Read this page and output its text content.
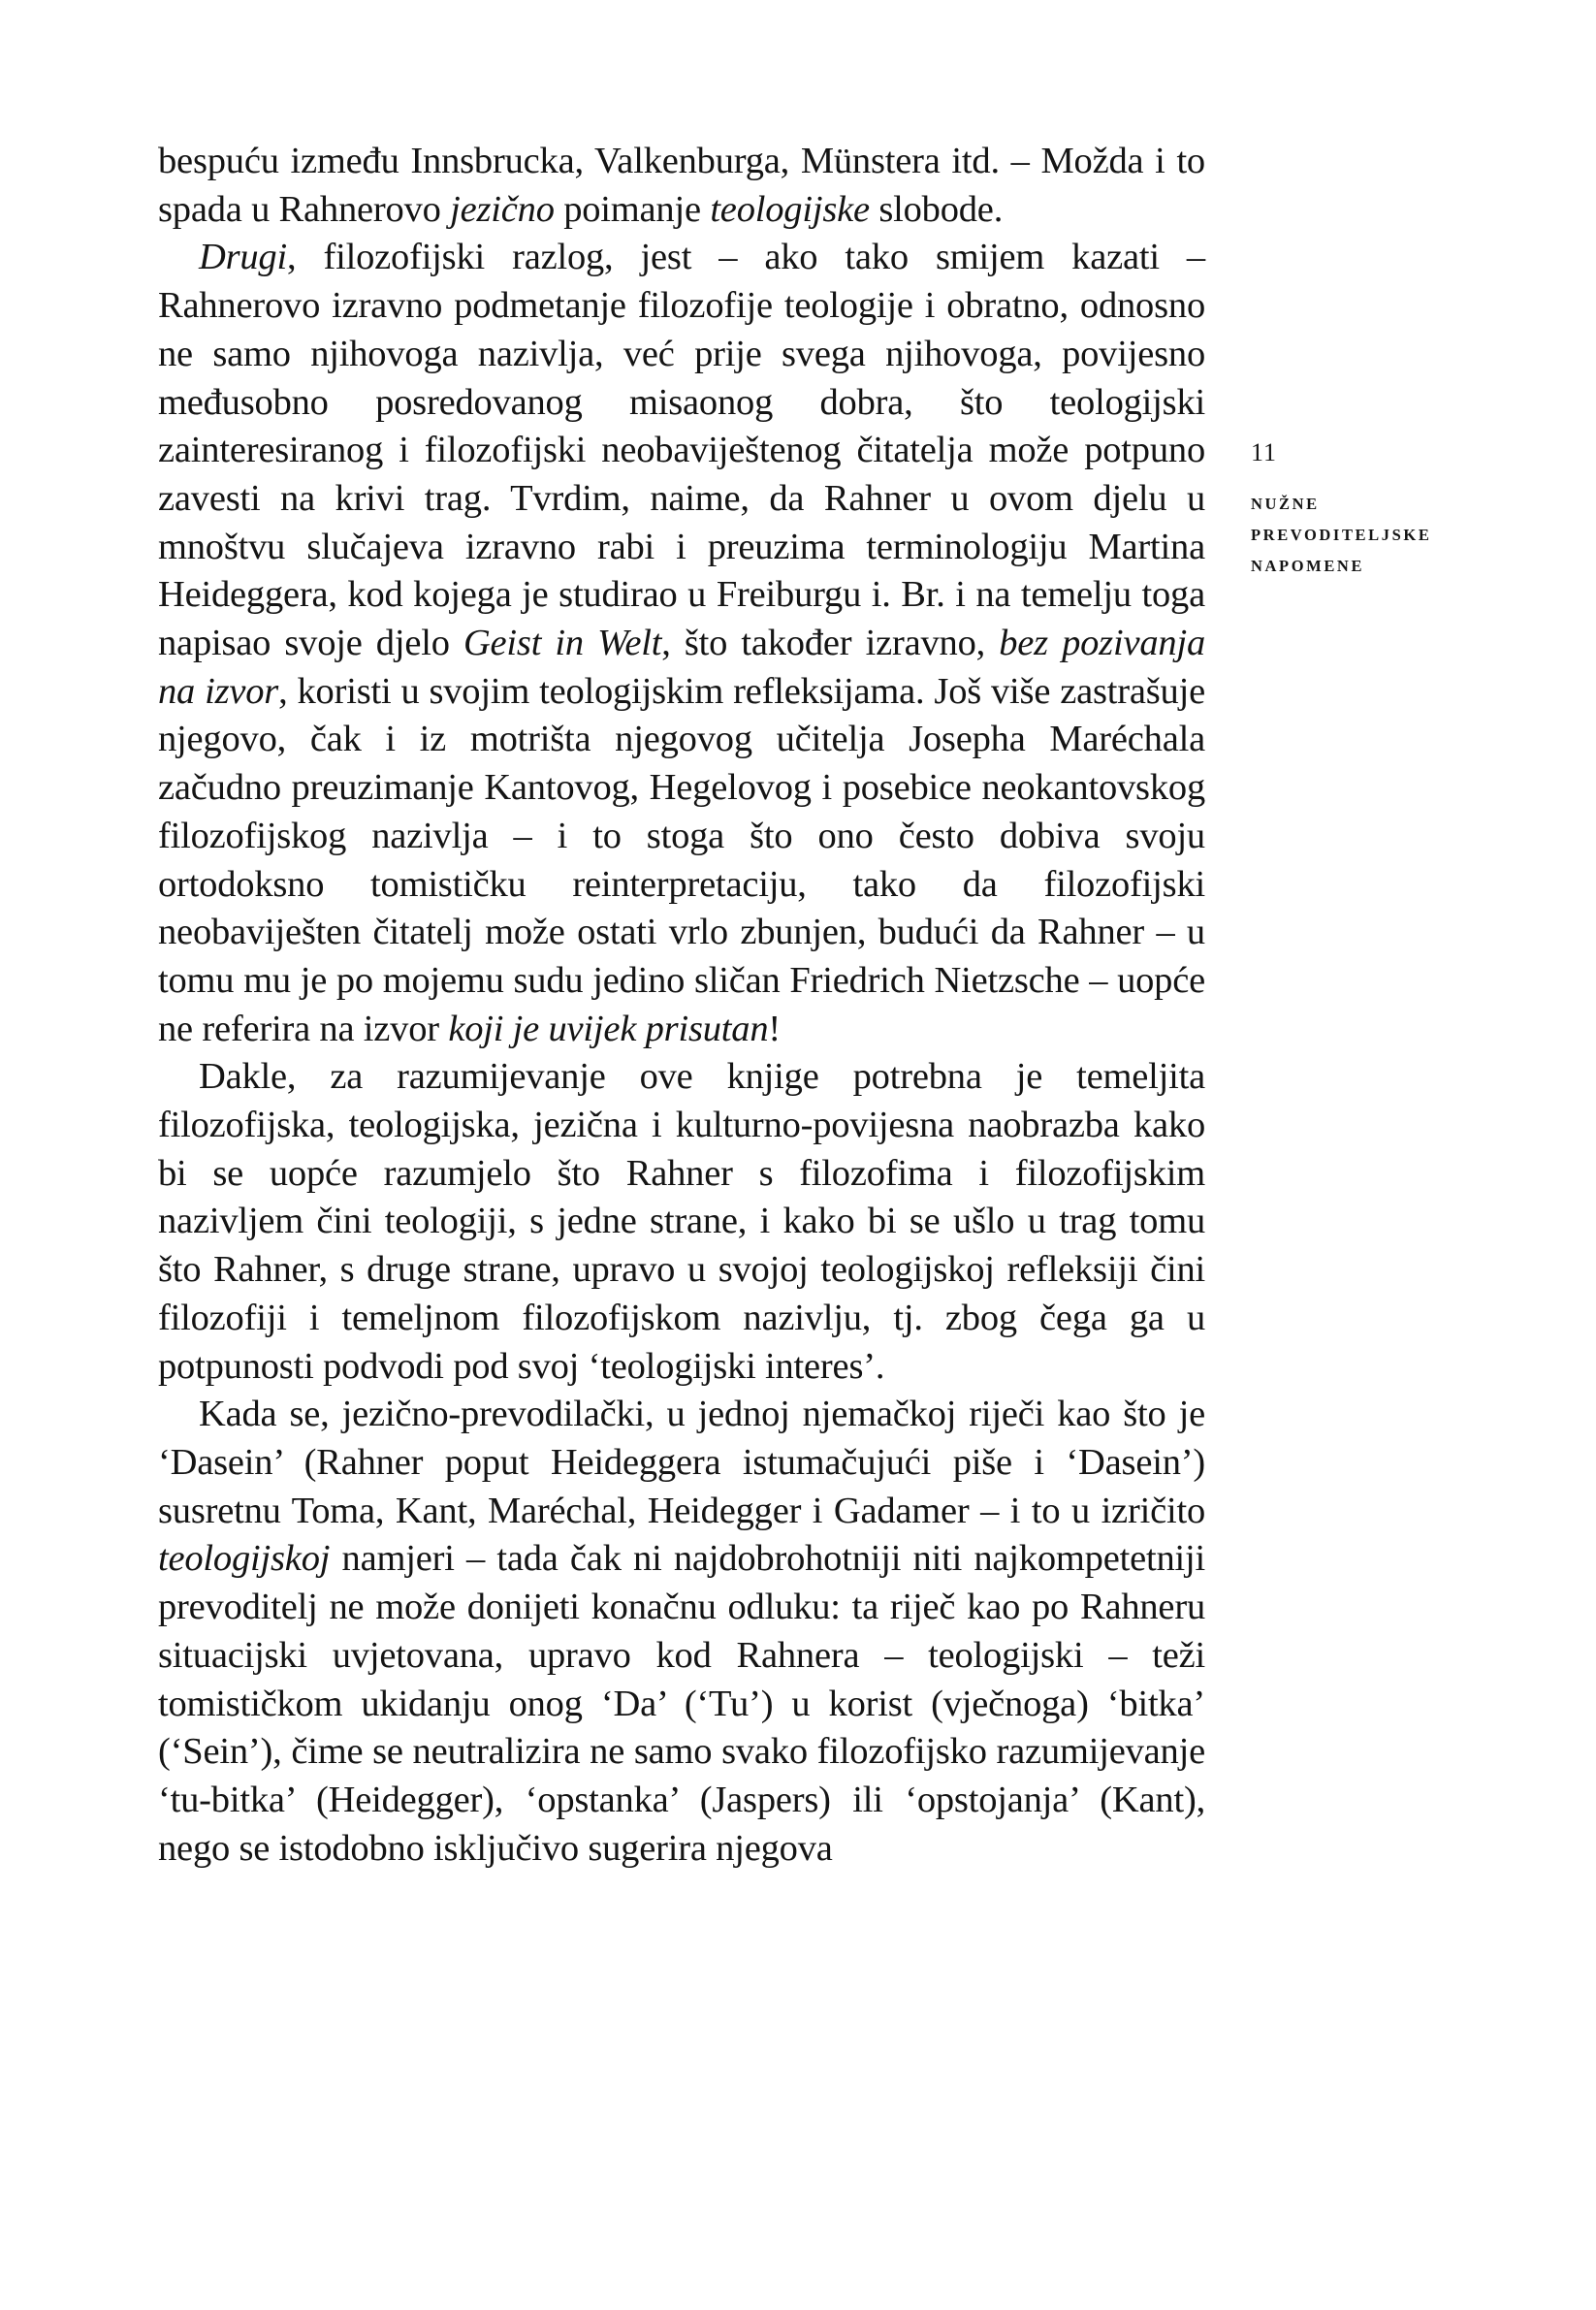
bespuću između Innsbrucka, Valkenburga, Münstera itd. – Možda i to spada u Rahnerovo jezično poimanje teologijske slobode.

Drugi, filozofijski razlog, jest – ako tako smijem kazati – Rahnerovo izravno podmetanje filozofije teologije i obratno, odnosno ne samo njihovoga nazivlja, već prije svega njihovoga, povijesno međusobno posredovanog misaonog dobra, što teologijski zainteresiranog i filozofijski neobaviještenog čitatelja može potpuno zavesti na krivi trag. Tvrdim, naime, da Rahner u ovom djelu u mnoštvu slučajeva izravno rabi i preuzima terminologiju Martina Heideggera, kod kojega je studirao u Freiburgu i. Br. i na temelju toga napisao svoje djelo Geist in Welt, što također izravno, bez pozivanja na izvor, koristi u svojim teologijskim refleksijama. Još više zastrašuje njegovo, čak i iz motrišta njegovog učitelja Josepha Maréchala začudno preuzimanje Kantovog, Hegelovog i posebice neokantovskog filozofijskog nazivlja – i to stoga što ono često dobiva svoju ortodoksno tomističku reinterpretaciju, tako da filozofijski neobaviješten čitatelj može ostati vrlo zbunjen, budući da Rahner – u tomu mu je po mojemu sudu jedino sličan Friedrich Nietzsche – uopće ne referira na izvor koji je uvijek prisutan!

Dakle, za razumijevanje ove knjige potrebna je temeljita filozofijska, teologijska, jezična i kulturno-povijesna naobrazba kako bi se uopće razumjelo što Rahner s filozofima i filozofijskim nazivljem čini teologiji, s jedne strane, i kako bi se ušlo u trag tomu što Rahner, s druge strane, upravo u svojoj teologijskoj refleksiji čini filozofiji i temeljnom filozofijskom nazivlju, tj. zbog čega ga u potpunosti podvodi pod svoj ‘teologijski interes’.

Kada se, jezično-prevodilački, u jednoj njemačkoj riječi kao što je ‘Dasein’ (Rahner poput Heideggera istumačujući piše i ‘Dasein’) susretnu Toma, Kant, Maréchal, Heidegger i Gadamer – i to u izričito teologijskoj namjeri – tada čak ni najdobrohotniji niti najkompetetniji prevoditelj ne može donijeti konačnu odluku: ta riječ kao po Rahneru situacijski uvjetovana, upravo kod Rahnera – teologijski – teži tomističkom ukidanju onog ‘Da’ (‘Tu’) u korist (vječnoga) ‘bitka’ (‘Sein’), čime se neutralizira ne samo svako filozofijsko razumijevanje ‘tu-bitka’ (Heidegger), ‘opstanka’ (Jaspers) ili ‘opstojanja’ (Kant), nego se istodobno isključivo sugerira njegova

11
NUŽNE
PREVODITELJSKE
NAPOMENE
